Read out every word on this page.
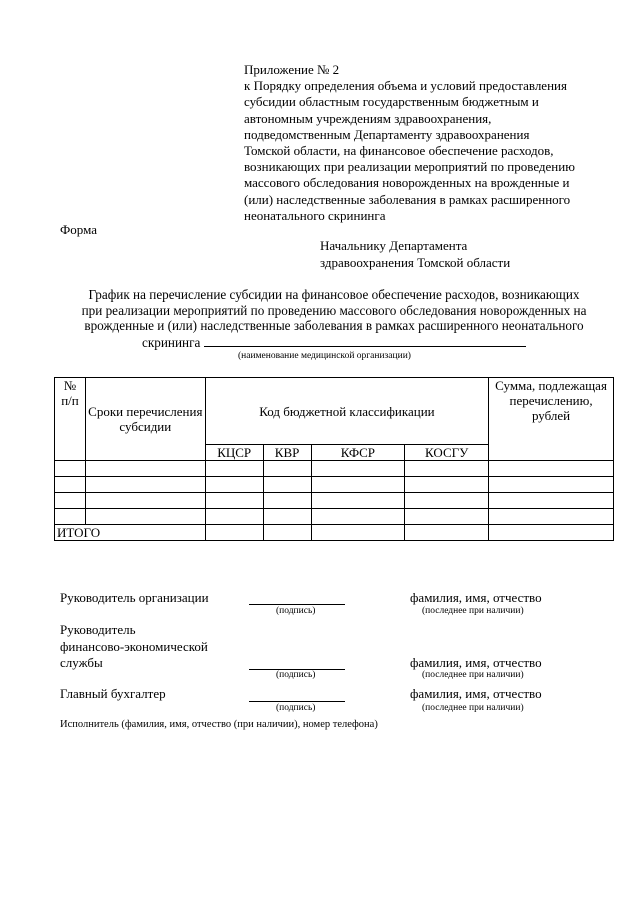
Приложение № 2
к Порядку определения объема и условий предоставления
субсидии областным государственным бюджетным и
автономным учреждениям здравоохранения,
подведомственным Департаменту здравоохранения
Томской области, на финансовое обеспечение расходов,
возникающих при реализации мероприятий по проведению
массового обследования новорожденных на врожденные и
(или) наследственные заболевания в рамках расширенного
неонатального скрининга
Форма
Начальнику Департамента
здравоохранения Томской области
График на перечисление субсидии на финансовое обеспечение расходов, возникающих
при реализации мероприятий по проведению массового обследования новорожденных на
врожденные и (или) наследственные заболевания в рамках расширенного неонатального
скрининга
(наименование медицинской организации)
№ п/п	Сроки перечисления субсидии	Код бюджетной классификации				Сумма, подлежащая перечислению, рублей
		КЦСР	КВР	КФСР	КОСГУ	

ИТОГО						
Руководитель организации
(подпись)
фамилия, имя, отчество
(последнее при наличии)
Руководитель
финансово-экономической
службы
(подпись)
фамилия, имя, отчество
(последнее при наличии)
Главный бухгалтер
(подпись)
фамилия, имя, отчество
(последнее при наличии)
Исполнитель (фамилия, имя, отчество (при наличии), номер телефона)
